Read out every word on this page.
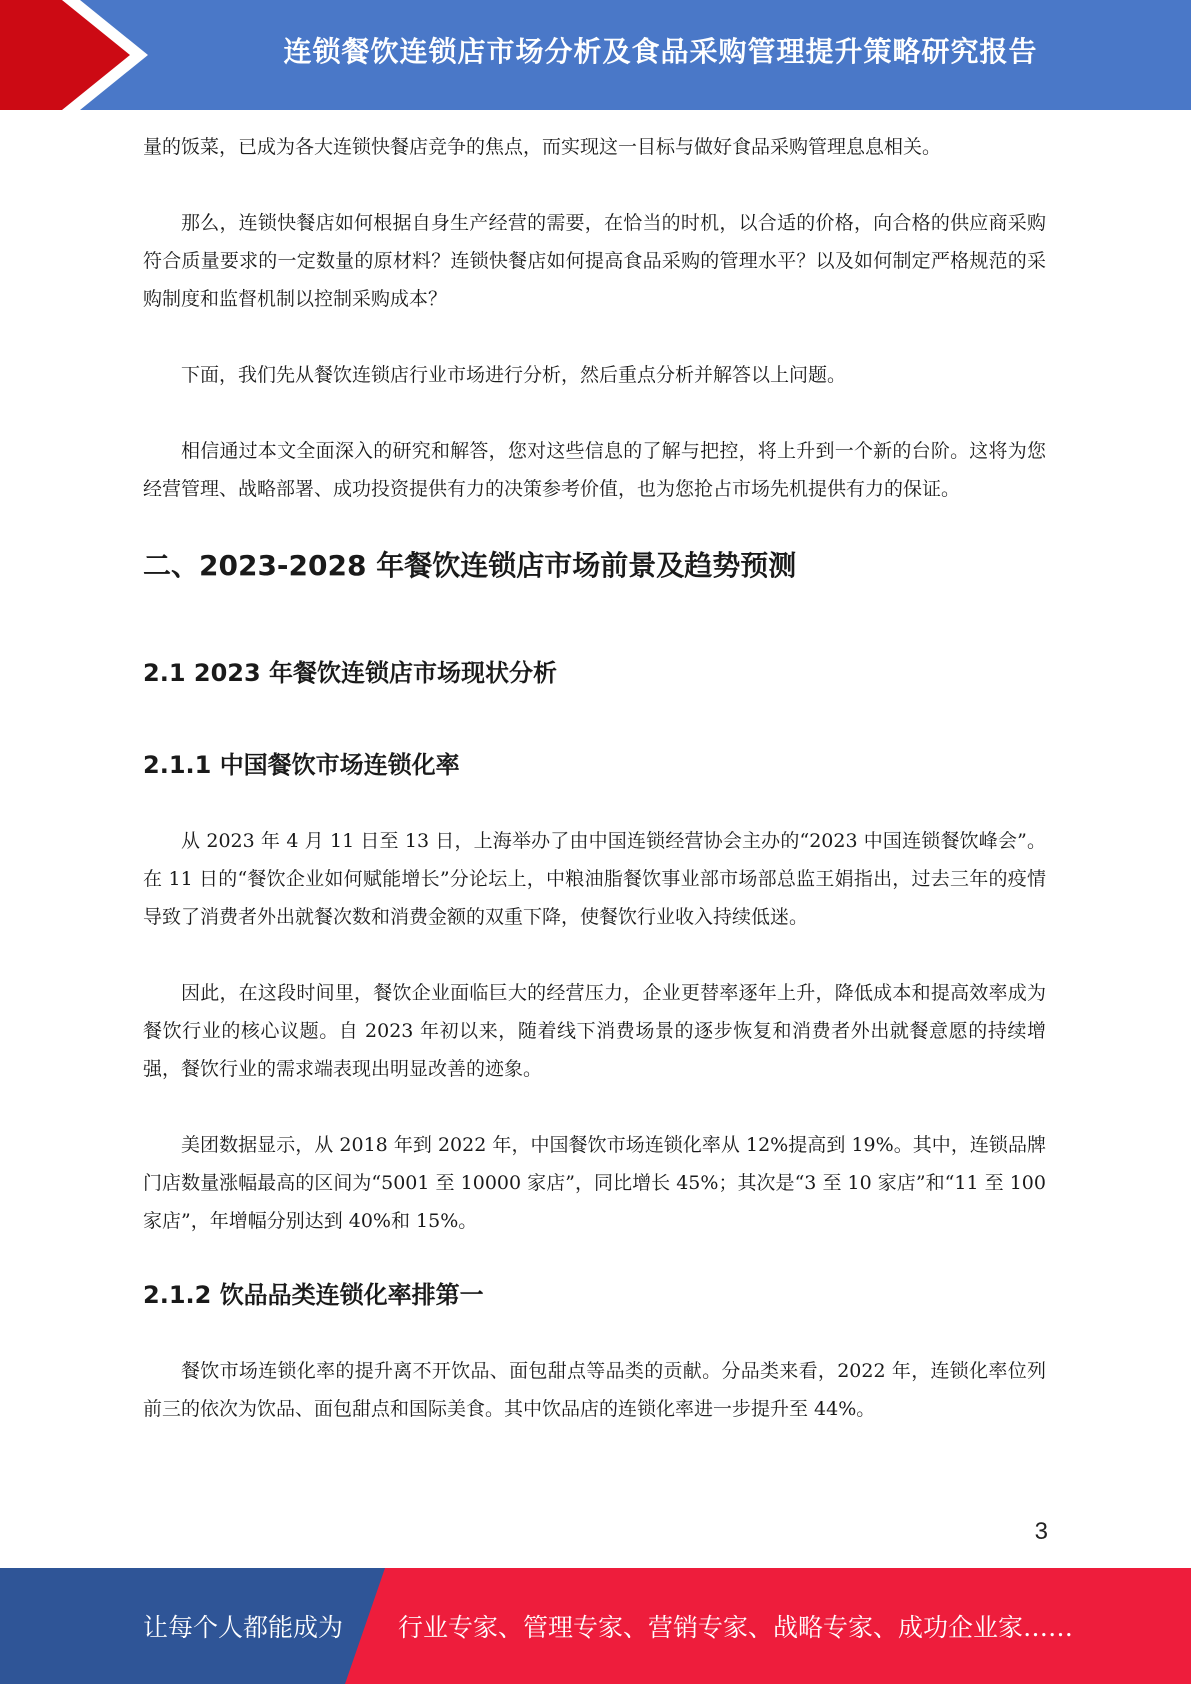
连锁餐饮连锁店市场分析及食品采购管理提升策略研究报告

量的饭菜，已成为各大连锁快餐店竞争的焦点，而实现这一目标与做好食品采购管理息息相关。

那么，连锁快餐店如何根据自身生产经营的需要，在恰当的时机，以合适的价格，向合格的供应商采购符合质量要求的一定数量的原材料？连锁快餐店如何提高食品采购的管理水平？以及如何制定严格规范的采购制度和监督机制以控制采购成本？

下面，我们先从餐饮连锁店行业市场进行分析，然后重点分析并解答以上问题。

相信通过本文全面深入的研究和解答，您对这些信息的了解与把控，将上升到一个新的台阶。这将为您经营管理、战略部署、成功投资提供有力的决策参考价值，也为您抢占市场先机提供有力的保证。

二、2023-2028 年餐饮连锁店市场前景及趋势预测
2.1 2023 年餐饮连锁店市场现状分析
2.1.1 中国餐饮市场连锁化率

从 2023 年 4 月 11 日至 13 日，上海举办了由中国连锁经营协会主办的“2023 中国连锁餐饮峰会”。在 11 日的“餐饮企业如何赋能增长”分论坛上，中粮油脂餐饮事业部市场部总监王娟指出，过去三年的疫情导致了消费者外出就餐次数和消费金额的双重下降，使餐饮行业收入持续低迷。

因此，在这段时间里，餐饮企业面临巨大的经营压力，企业更替率逐年上升，降低成本和提高效率成为餐饮行业的核心议题。自 2023 年初以来，随着线下消费场景的逐步恢复和消费者外出就餐意愿的持续增强，餐饮行业的需求端表现出明显改善的迹象。

美团数据显示，从 2018 年到 2022 年，中国餐饮市场连锁化率从 12%提高到 19%。其中，连锁品牌门店数量涨幅最高的区间为“5001 至 10000 家店”，同比增长 45%；其次是“3 至 10 家店”和“11 至 100 家店”，年增幅分别达到 40%和 15%。

2.1.2 饮品品类连锁化率排第一

餐饮市场连锁化率的提升离不开饮品、面包甜点等品类的贡献。分品类来看，2022 年，连锁化率位列前三的依次为饮品、面包甜点和国际美食。其中饮品店的连锁化率进一步提升至 44%。

3
让每个人都能成为 行业专家、管理专家、营销专家、战略专家、成功企业家……
